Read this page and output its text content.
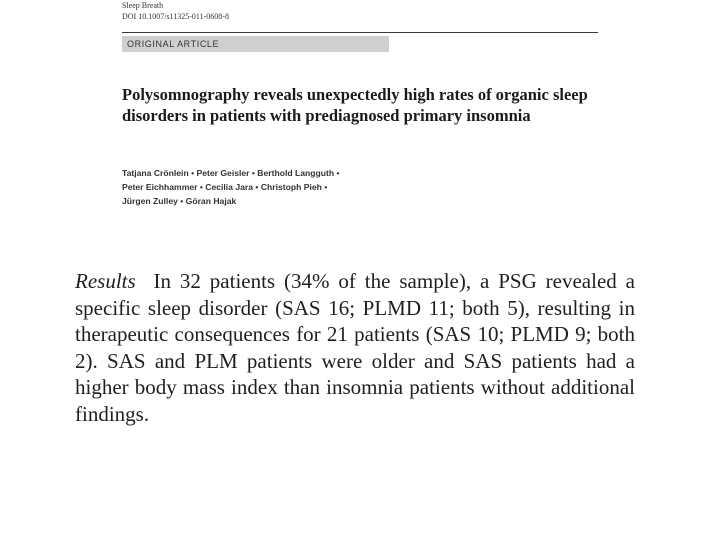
Sleep Breath
DOI 10.1007/s11325-011-0608-8
ORIGINAL ARTICLE
Polysomnography reveals unexpectedly high rates of organic sleep disorders in patients with prediagnosed primary insomnia

Tatjana Crönlein • Peter Geisler • Berthold Langguth •
Peter Eichhammer • Cecilia Jara • Christoph Pieh •
Jürgen Zulley • Göran Hajak

Results In 32 patients (34% of the sample), a PSG revealed a specific sleep disorder (SAS 16; PLMD 11; both 5), resulting in therapeutic consequences for 21 patients (SAS 10; PLMD 9; both 2). SAS and PLM patients were older and SAS patients had a higher body mass index than insomnia patients without additional findings.
